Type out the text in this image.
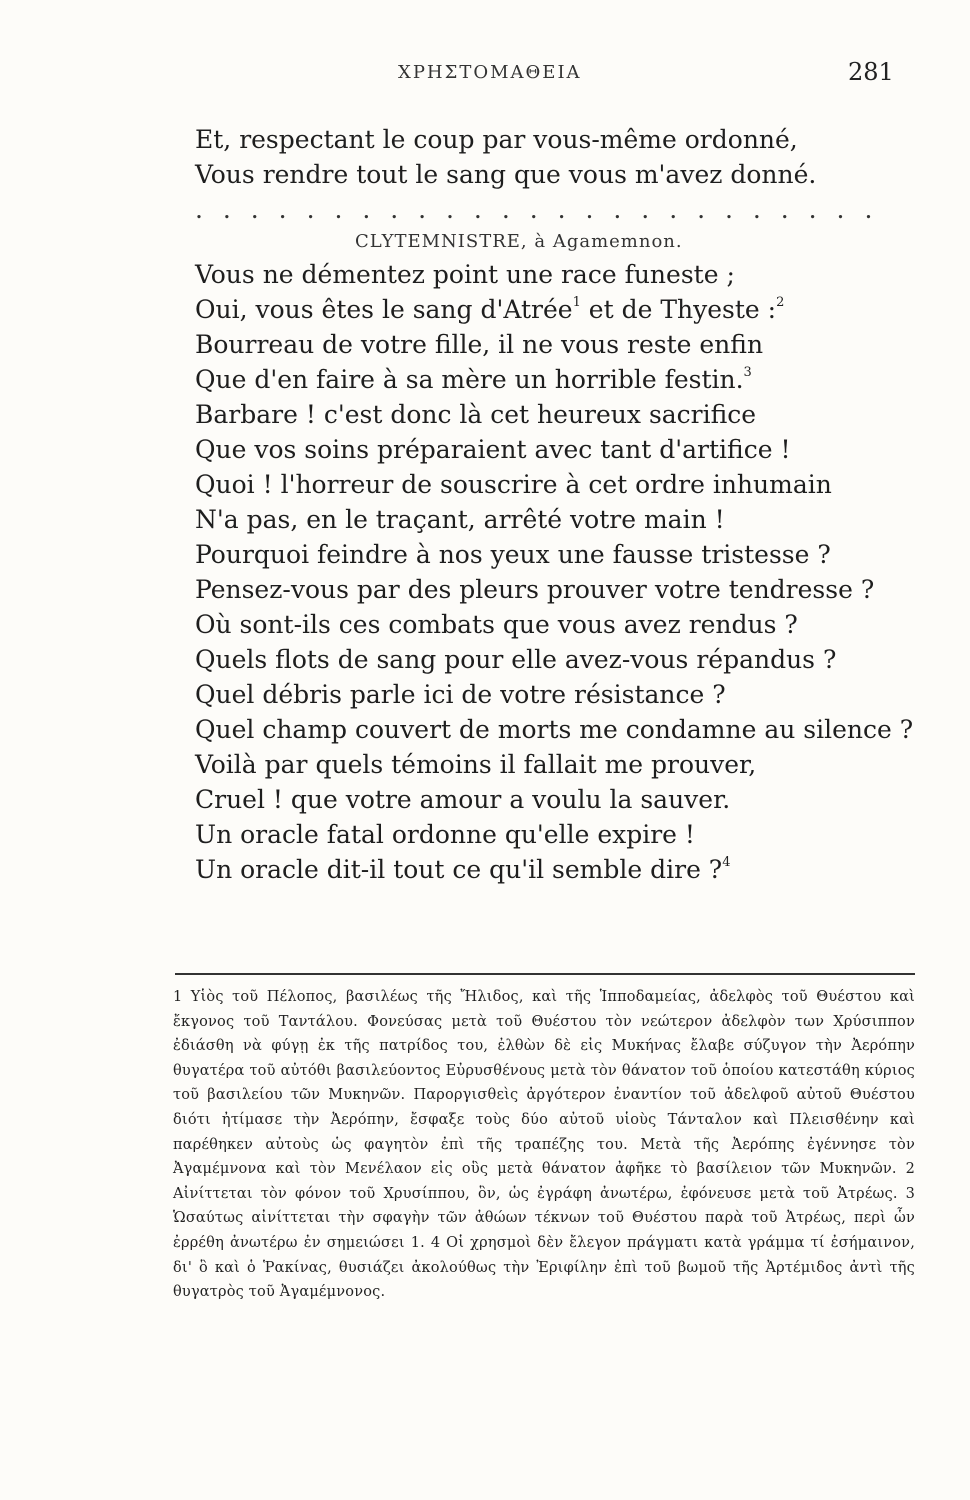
ΧΡΗΣΤΟΜΑΘΕΙΑ	281
Et, respectant le coup par vous-même ordonné,
Vous rendre tout le sang que vous m'avez donné.
. . . . . . . . . . . . . . . . . . . . . . . . .
CLYTEMNISTRE, à Agamemnon.
Vous ne démentez point une race funeste ;
Oui, vous êtes le sang d'Atrée$^1$ et de Thyeste :$^2$
Bourreau de votre fille, il ne vous reste enfin
Que d'en faire à sa mère un horrible festin.$^3$
Barbare ! c'est donc là cet heureux sacrifice
Que vos soins préparaient avec tant d'artifice !
Quoi ! l'horreur de souscrire à cet ordre inhumain
N'a pas, en le traçant, arrêté votre main !
Pourquoi feindre à nos yeux une fausse tristesse ?
Pensez-vous par des pleurs prouver votre tendresse ?
Où sont-ils ces combats que vous avez rendus ?
Quels flots de sang pour elle avez-vous répandus ?
Quel débris parle ici de votre résistance ?
Quel champ couvert de morts me condamne au silence ?
Voilà par quels témoins il fallait me prouver,
Cruel ! que votre amour a voulu la sauver.
Un oracle fatal ordonne qu'elle expire !
Un oracle dit-il tout ce qu'il semble dire ?$^4$
1 Υἱὸς τοῦ Πέλοπος, βασιλέως τῆς Ἤλιδος, καὶ τῆς Ἱπποδαμείας, ἀδελφὸς τοῦ Θυέστου καὶ ἔκγονος τοῦ Ταντάλου. Φονεύσας μετὰ τοῦ Θυέστου τὸν νεώτερον ἀδελφὸν των Χρύσιππον ἐδιάσθη νὰ φύγῃ ἐκ τῆς πατρίδος του, ἐλθὼν δὲ εἰς Μυκήνας ἔλαβε σύζυγον τὴν Ἀερόπην θυγατέρα τοῦ αὐτόθι βασιλεύοντος Εὐρυσθένους μετὰ τὸν θάνατον τοῦ ὁποίου κατεστάθη κύριος τοῦ βασιλείου τῶν Μυκηνῶν. Παροργισθεὶς ἀργότερον ἐναντίον τοῦ ἀδελφοῦ αὐτοῦ Θυέστου διότι ἠτίμασε τὴν Ἀερόπην, ἔσφαξε τοὺς δύο αὐτοῦ υἱοὺς Τάνταλον καὶ Πλεισθένην καὶ παρέθηκεν αὐτοὺς ὡς φαγητὸν ἐπὶ τῆς τραπέζης του. Μετὰ τῆς Ἀερόπης ἐγέννησε τὸν Ἀγαμέμνονα καὶ τὸν Μενέλαον εἰς οὓς μετὰ θάνατον ἀφῆκε τὸ βασίλειον τῶν Μυκηνῶν. 2 Αἰνίττεται τὸν φόνον τοῦ Χρυσίππου, ὃν, ὡς ἐγράφη ἀνωτέρω, ἐφόνευσε μετὰ τοῦ Ἀτρέως. 3 Ὡσαύτως αἰνίττεται τὴν σφαγὴν τῶν ἀθώων τέκνων τοῦ Θυέστου παρὰ τοῦ Ἀτρέως, περὶ ὧν ἐρρέθη ἀνωτέρω ἐν σημειώσει 1. 4 Οἱ χρησμοὶ δὲν ἔλεγον πράγματι κατὰ γράμμα τί ἐσήμαινον, δι' ὃ καὶ ὁ Ῥακίνας, θυσιάζει ἀκολούθως τὴν Ἐριφίλην ἐπὶ τοῦ βωμοῦ τῆς Ἀρτέμιδος ἀντὶ τῆς θυγατρὸς τοῦ Ἀγαμέμνονος.
